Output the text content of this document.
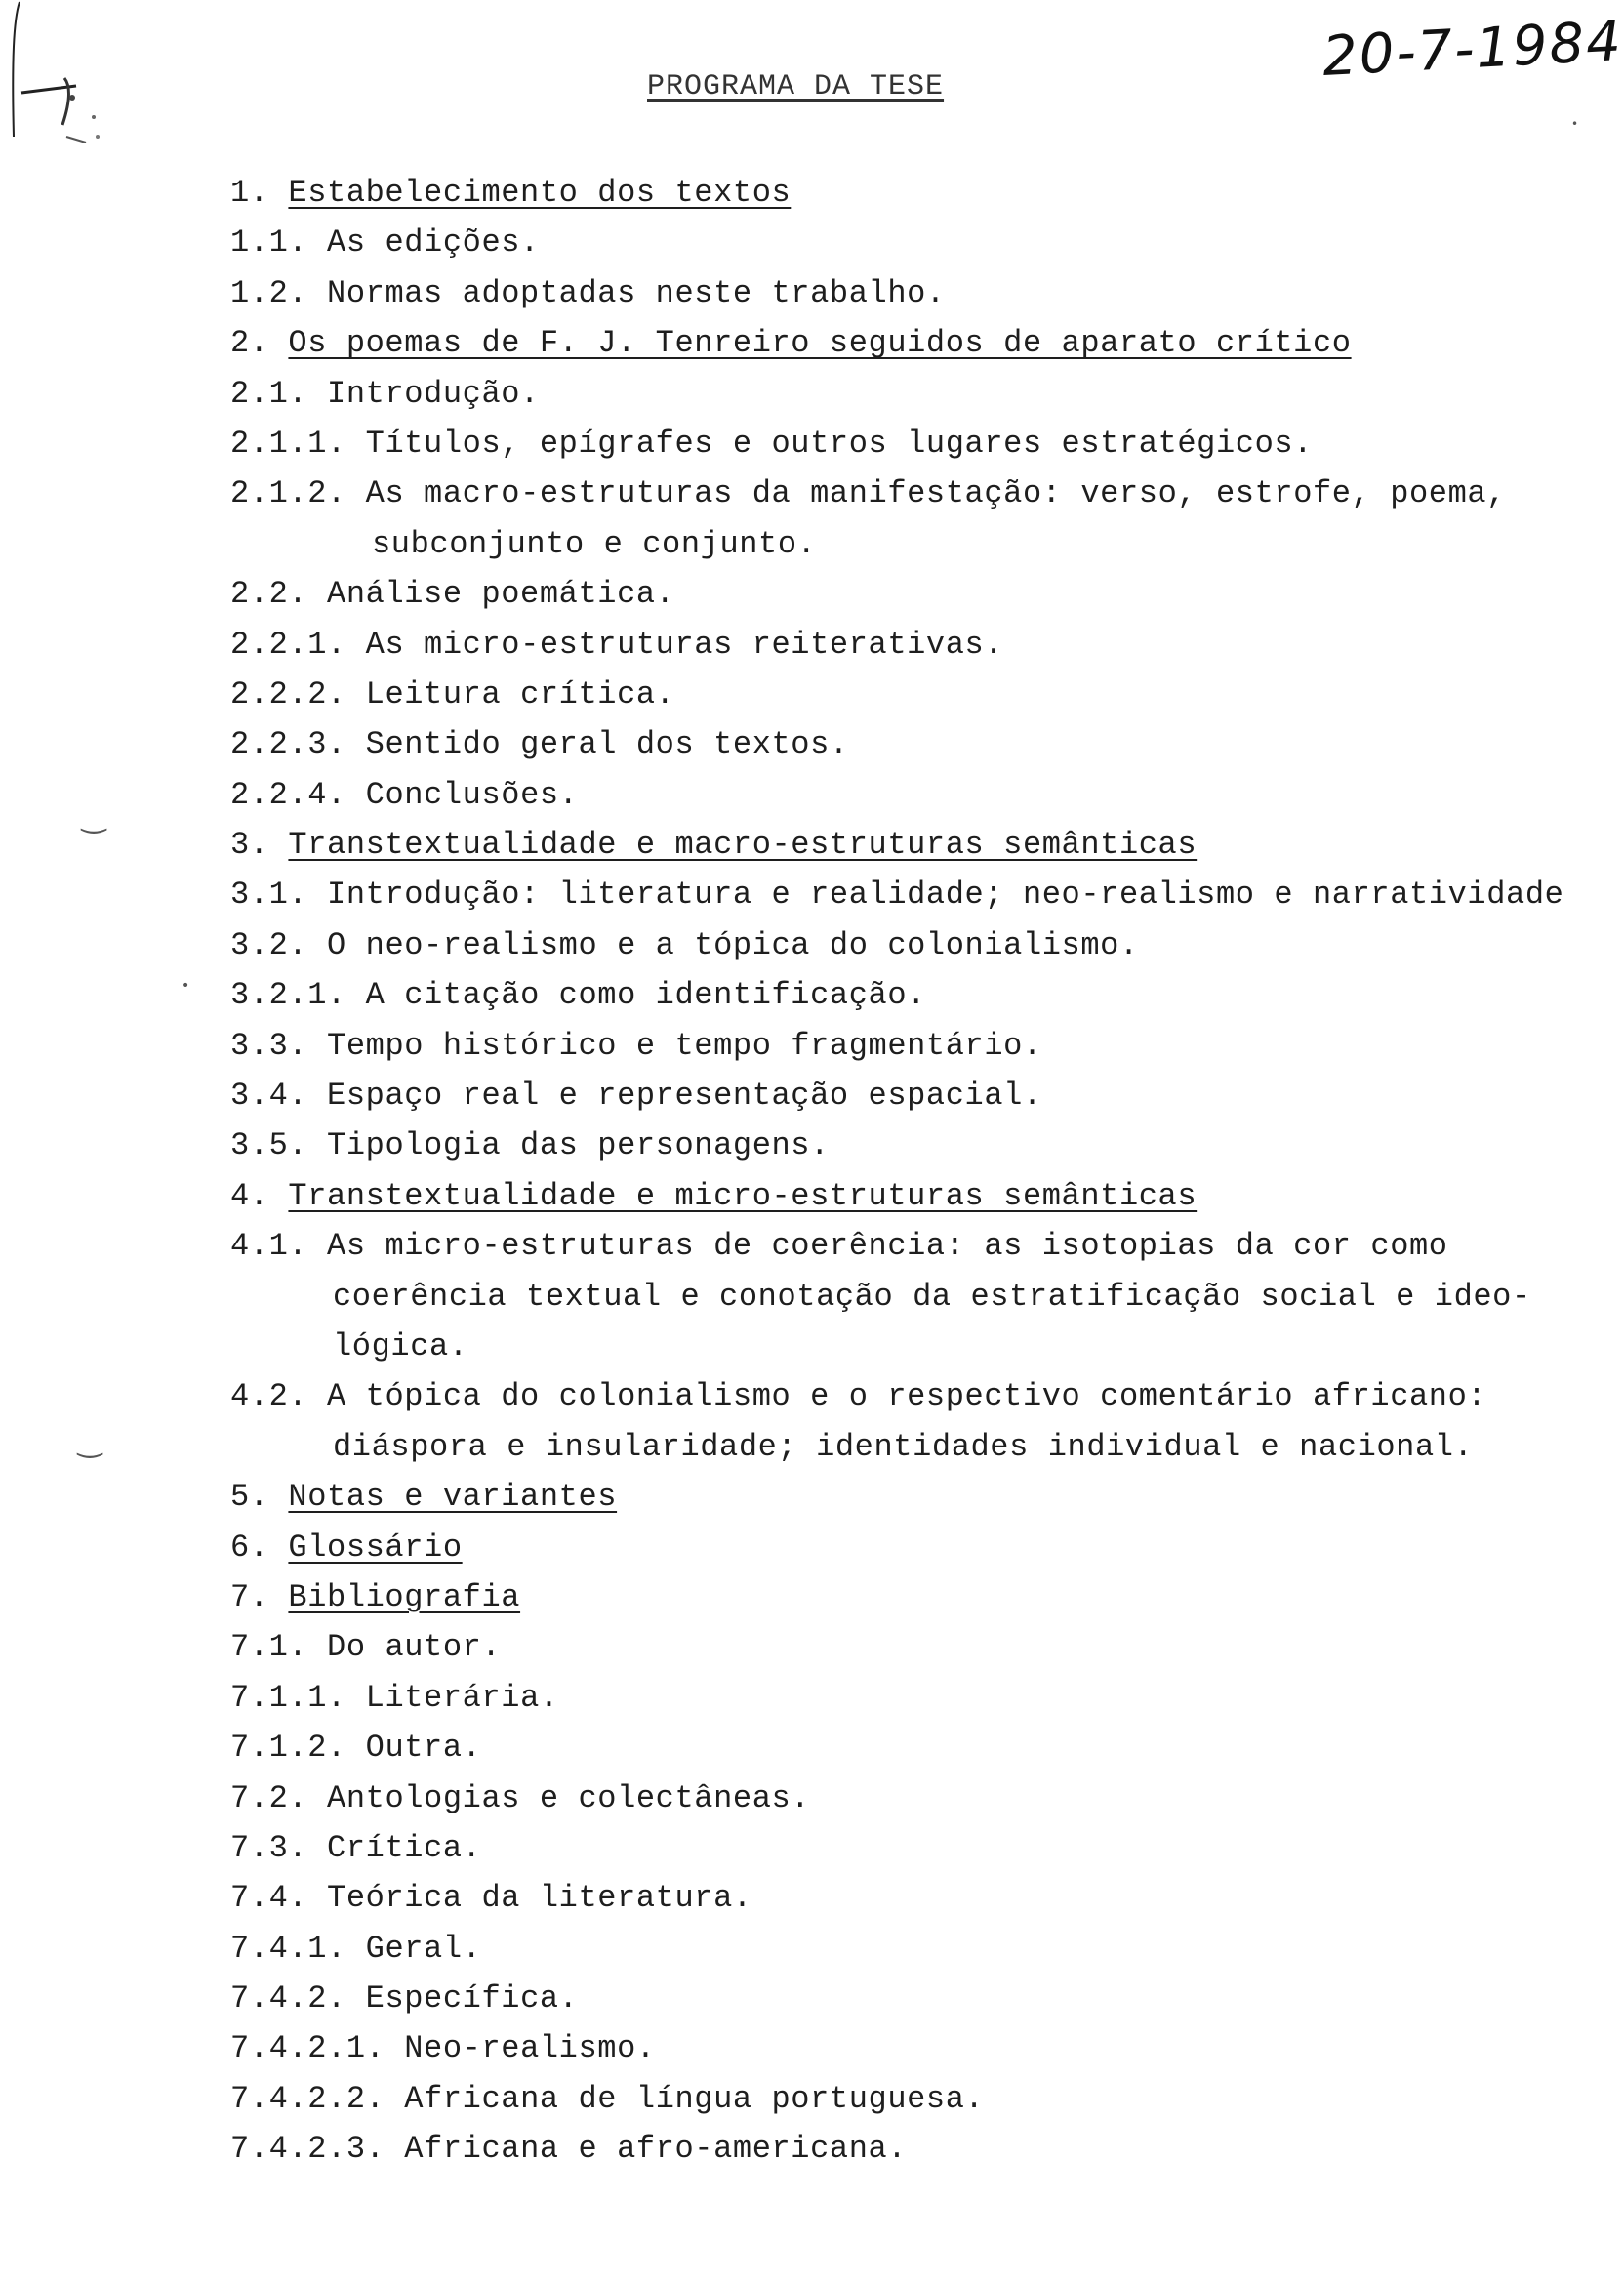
20-7-1984
PROGRAMA DA TESE
1. Estabelecimento dos textos
1.1. As edições.
1.2. Normas adoptadas neste trabalho.
2. Os poemas de F. J. Tenreiro seguidos de aparato crítico
2.1. Introdução.
2.1.1. Títulos, epígrafes e outros lugares estratégicos.
2.1.2. As macro-estruturas da manifestação: verso, estrofe, poema,
subconjunto e conjunto.
2.2. Análise poemática.
2.2.1. As micro-estruturas reiterativas.
2.2.2. Leitura crítica.
2.2.3. Sentido geral dos textos.
2.2.4. Conclusões.
3. Transtextualidade e macro-estruturas semânticas
3.1. Introdução: literatura e realidade; neo-realismo e narratividade
3.2. O neo-realismo e a tópica do colonialismo.
3.2.1. A citação como identificação.
3.3. Tempo histórico e tempo fragmentário.
3.4. Espaço real e representação espacial.
3.5. Tipologia das personagens.
4. Transtextualidade e micro-estruturas semânticas
4.1. As micro-estruturas de coerência: as isotopias da cor como
coerência textual e conotação da estratificação social e ideo-
lógica.
4.2. A tópica do colonialismo e o respectivo comentário africano:
diáspora e insularidade; identidades individual e nacional.
5. Notas e variantes
6. Glossário
7. Bibliografia
7.1. Do autor.
7.1.1. Literária.
7.1.2. Outra.
7.2. Antologias e colectâneas.
7.3. Crítica.
7.4. Teórica da literatura.
7.4.1. Geral.
7.4.2. Específica.
7.4.2.1. Neo-realismo.
7.4.2.2. Africana de língua portuguesa.
7.4.2.3. Africana e afro-americana.
‿
‿
•
•
